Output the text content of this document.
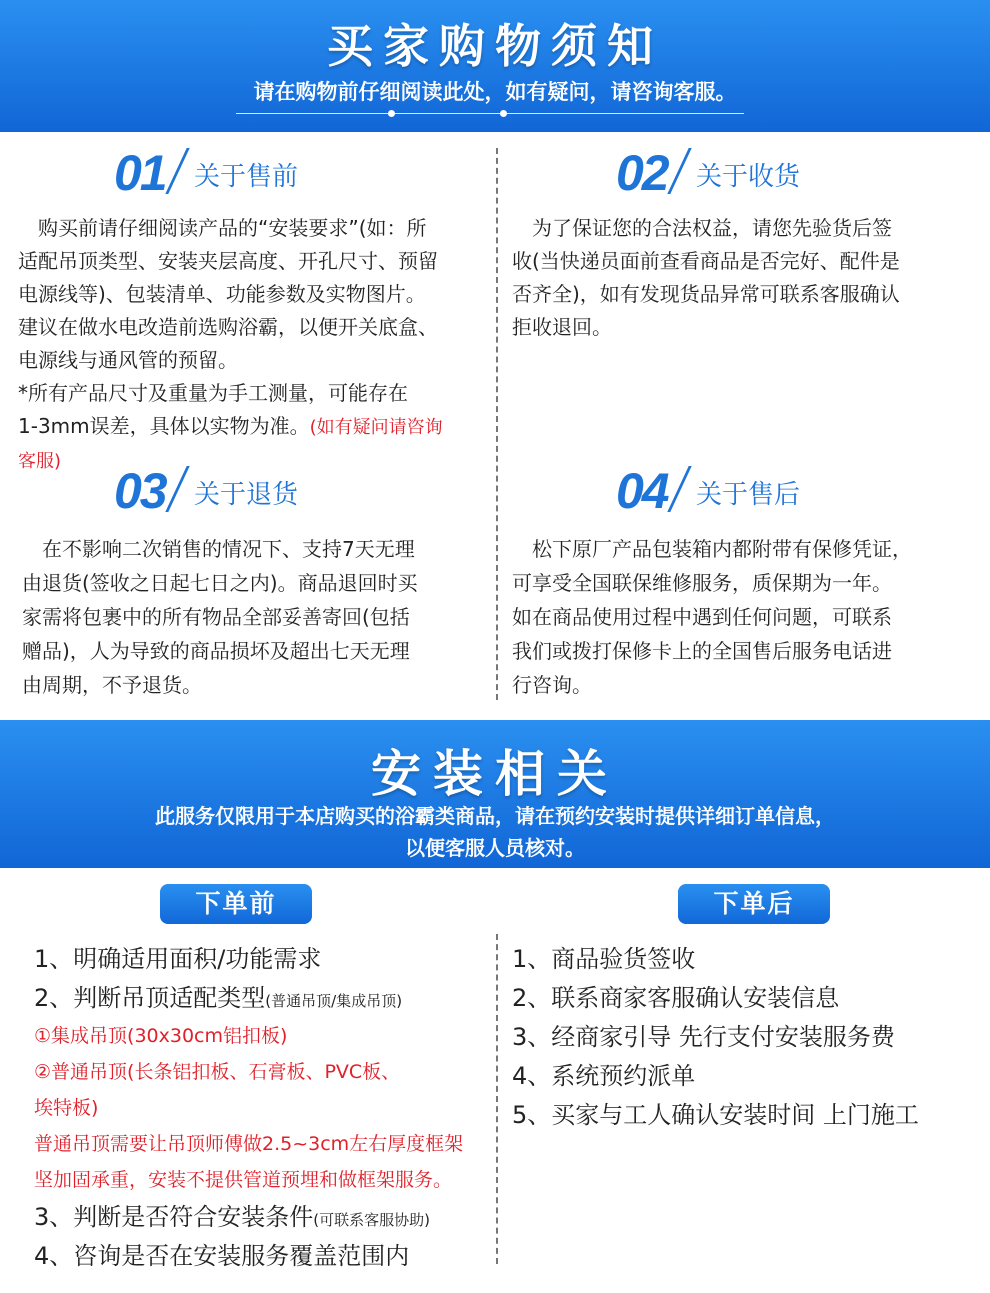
买家购物须知
请在购物前仔细阅读此处，如有疑问，请咨询客服。
01 关于售前
　购买前请仔细阅读产品的“安装要求”(如：所
适配吊顶类型、安装夹层高度、开孔尺寸、预留
电源线等)、包装清单、功能参数及实物图片。
建议在做水电改造前选购浴霸，以便开关底盒、
电源线与通风管的预留。
*所有产品尺寸及重量为手工测量，可能存在
1-3mm误差，具体以实物为准。(如有疑问请咨询
客服)
02 关于收货
　为了保证您的合法权益，请您先验货后签
收(当快递员面前查看商品是否完好、配件是
否齐全)，如有发现货品异常可联系客服确认
拒收退回。
03 关于退货
　在不影响二次销售的情况下、支持7天无理
由退货(签收之日起七日之内)。商品退回时买
家需将包裹中的所有物品全部妥善寄回(包括
赠品)，人为导致的商品损坏及超出七天无理
由周期，不予退货。
04 关于售后
　松下原厂产品包装箱内都附带有保修凭证，
可享受全国联保维修服务，质保期为一年。
如在商品使用过程中遇到任何问题，可联系
我们或拨打保修卡上的全国售后服务电话进
行咨询。
安装相关
此服务仅限用于本店购买的浴霸类商品，请在预约安装时提供详细订单信息，
以便客服人员核对。
下单前	下单后
1、明确适用面积/功能需求
2、判断吊顶适配类型(普通吊顶/集成吊顶)
①集成吊顶(30x30cm铝扣板)
②普通吊顶(长条铝扣板、石膏板、PVC板、
埃特板)
普通吊顶需要让吊顶师傅做2.5~3cm左右厚度框架
坚加固承重，安装不提供管道预埋和做框架服务。
3、判断是否符合安装条件(可联系客服协助)
4、咨询是否在安装服务覆盖范围内
1、商品验货签收
2、联系商家客服确认安装信息
3、经商家引导 先行支付安装服务费
4、系统预约派单
5、买家与工人确认安装时间 上门施工
